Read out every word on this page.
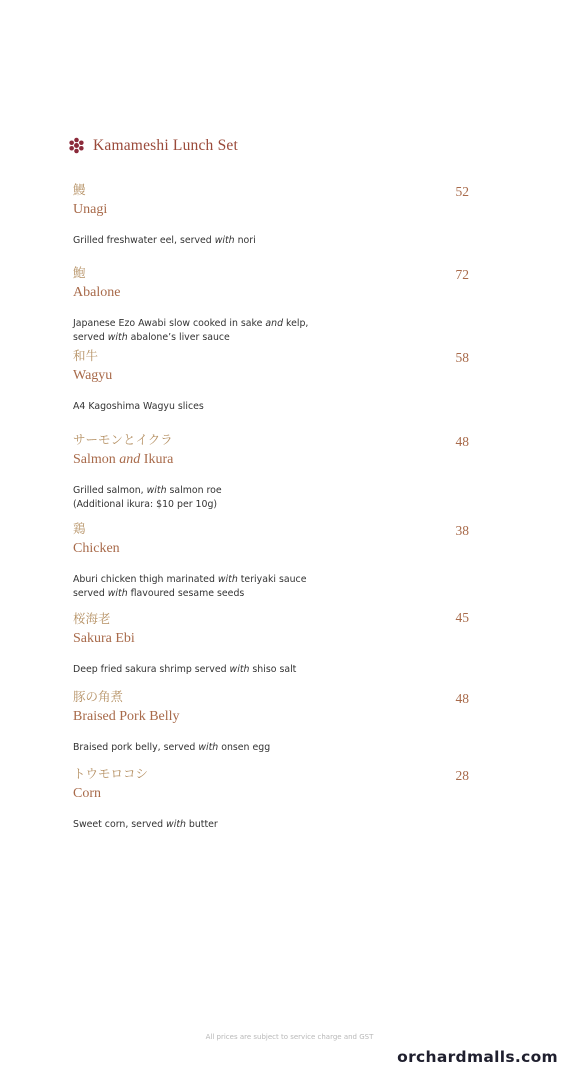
Kamameshi Lunch Set
鰻
Unagi
Grilled freshwater eel, served with nori
52
鮑
Abalone
Japanese Ezo Awabi slow cooked in sake and kelp,
served with abalone’s liver sauce
72
和牛
Wagyu
A4 Kagoshima Wagyu slices
58
サーモンとイクラ
Salmon and Ikura
Grilled salmon, with salmon roe
(Additional ikura: $10 per 10g)
48
鶏
Chicken
Aburi chicken thigh marinated with teriyaki sauce
served with flavoured sesame seeds
38
桜海老
Sakura Ebi
Deep fried sakura shrimp served with shiso salt
45
豚の角煮
Braised Pork Belly
Braised pork belly, served with onsen egg
48
トウモロコシ
Corn
Sweet corn, served with butter
28
All prices are subject to service charge and GST
orchardmalls.com
